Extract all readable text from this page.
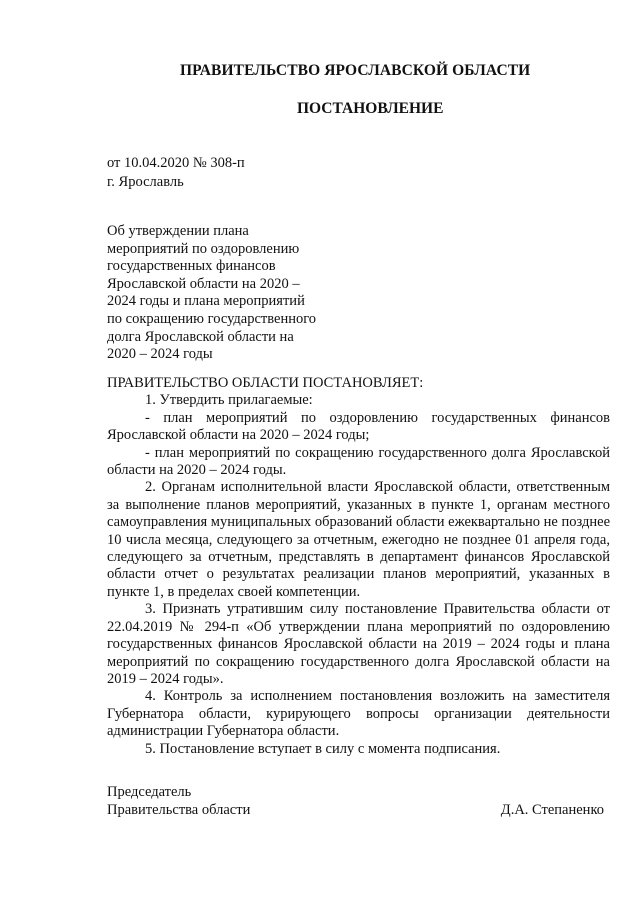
ПРАВИТЕЛЬСТВО ЯРОСЛАВСКОЙ ОБЛАСТИ
ПОСТАНОВЛЕНИЕ
от 10.04.2020 № 308-п
г. Ярославль
Об утверждении плана
мероприятий по оздоровлению
государственных финансов
Ярославской области на 2020 –
2024 годы и плана мероприятий
по сокращению государственного
долга Ярославской области на
2020 – 2024 годы

ПРАВИТЕЛЬСТВО ОБЛАСТИ ПОСТАНОВЛЯЕТ:

1. Утвердить прилагаемые:

- план мероприятий по оздоровлению государственных финансов Ярославской области на 2020 – 2024 годы;

- план мероприятий по сокращению государственного долга Ярославской области на 2020 – 2024 годы.

2. Органам исполнительной власти Ярославской области, ответственным за выполнение планов мероприятий, указанных в пункте 1, органам местного самоуправления муниципальных образований области ежеквартально не позднее 10 числа месяца, следующего за отчетным, ежегодно не позднее 01 апреля года, следующего за отчетным, представлять в департамент финансов Ярославской области отчет о результатах реализации планов мероприятий, указанных в пункте 1, в пределах своей компетенции.

3. Признать утратившим силу постановление Правительства области от 22.04.2019 № 294-п «Об утверждении плана мероприятий по оздоровлению государственных финансов Ярославской области на 2019 – 2024 годы и плана мероприятий по сокращению государственного долга Ярославской области на 2019 – 2024 годы».

4. Контроль за исполнением постановления возложить на заместителя Губернатора области, курирующего вопросы организации деятельности администрации Губернатора области.

5. Постановление вступает в силу с момента подписания.

Председатель
Правительства области	Д.А. Степаненко
